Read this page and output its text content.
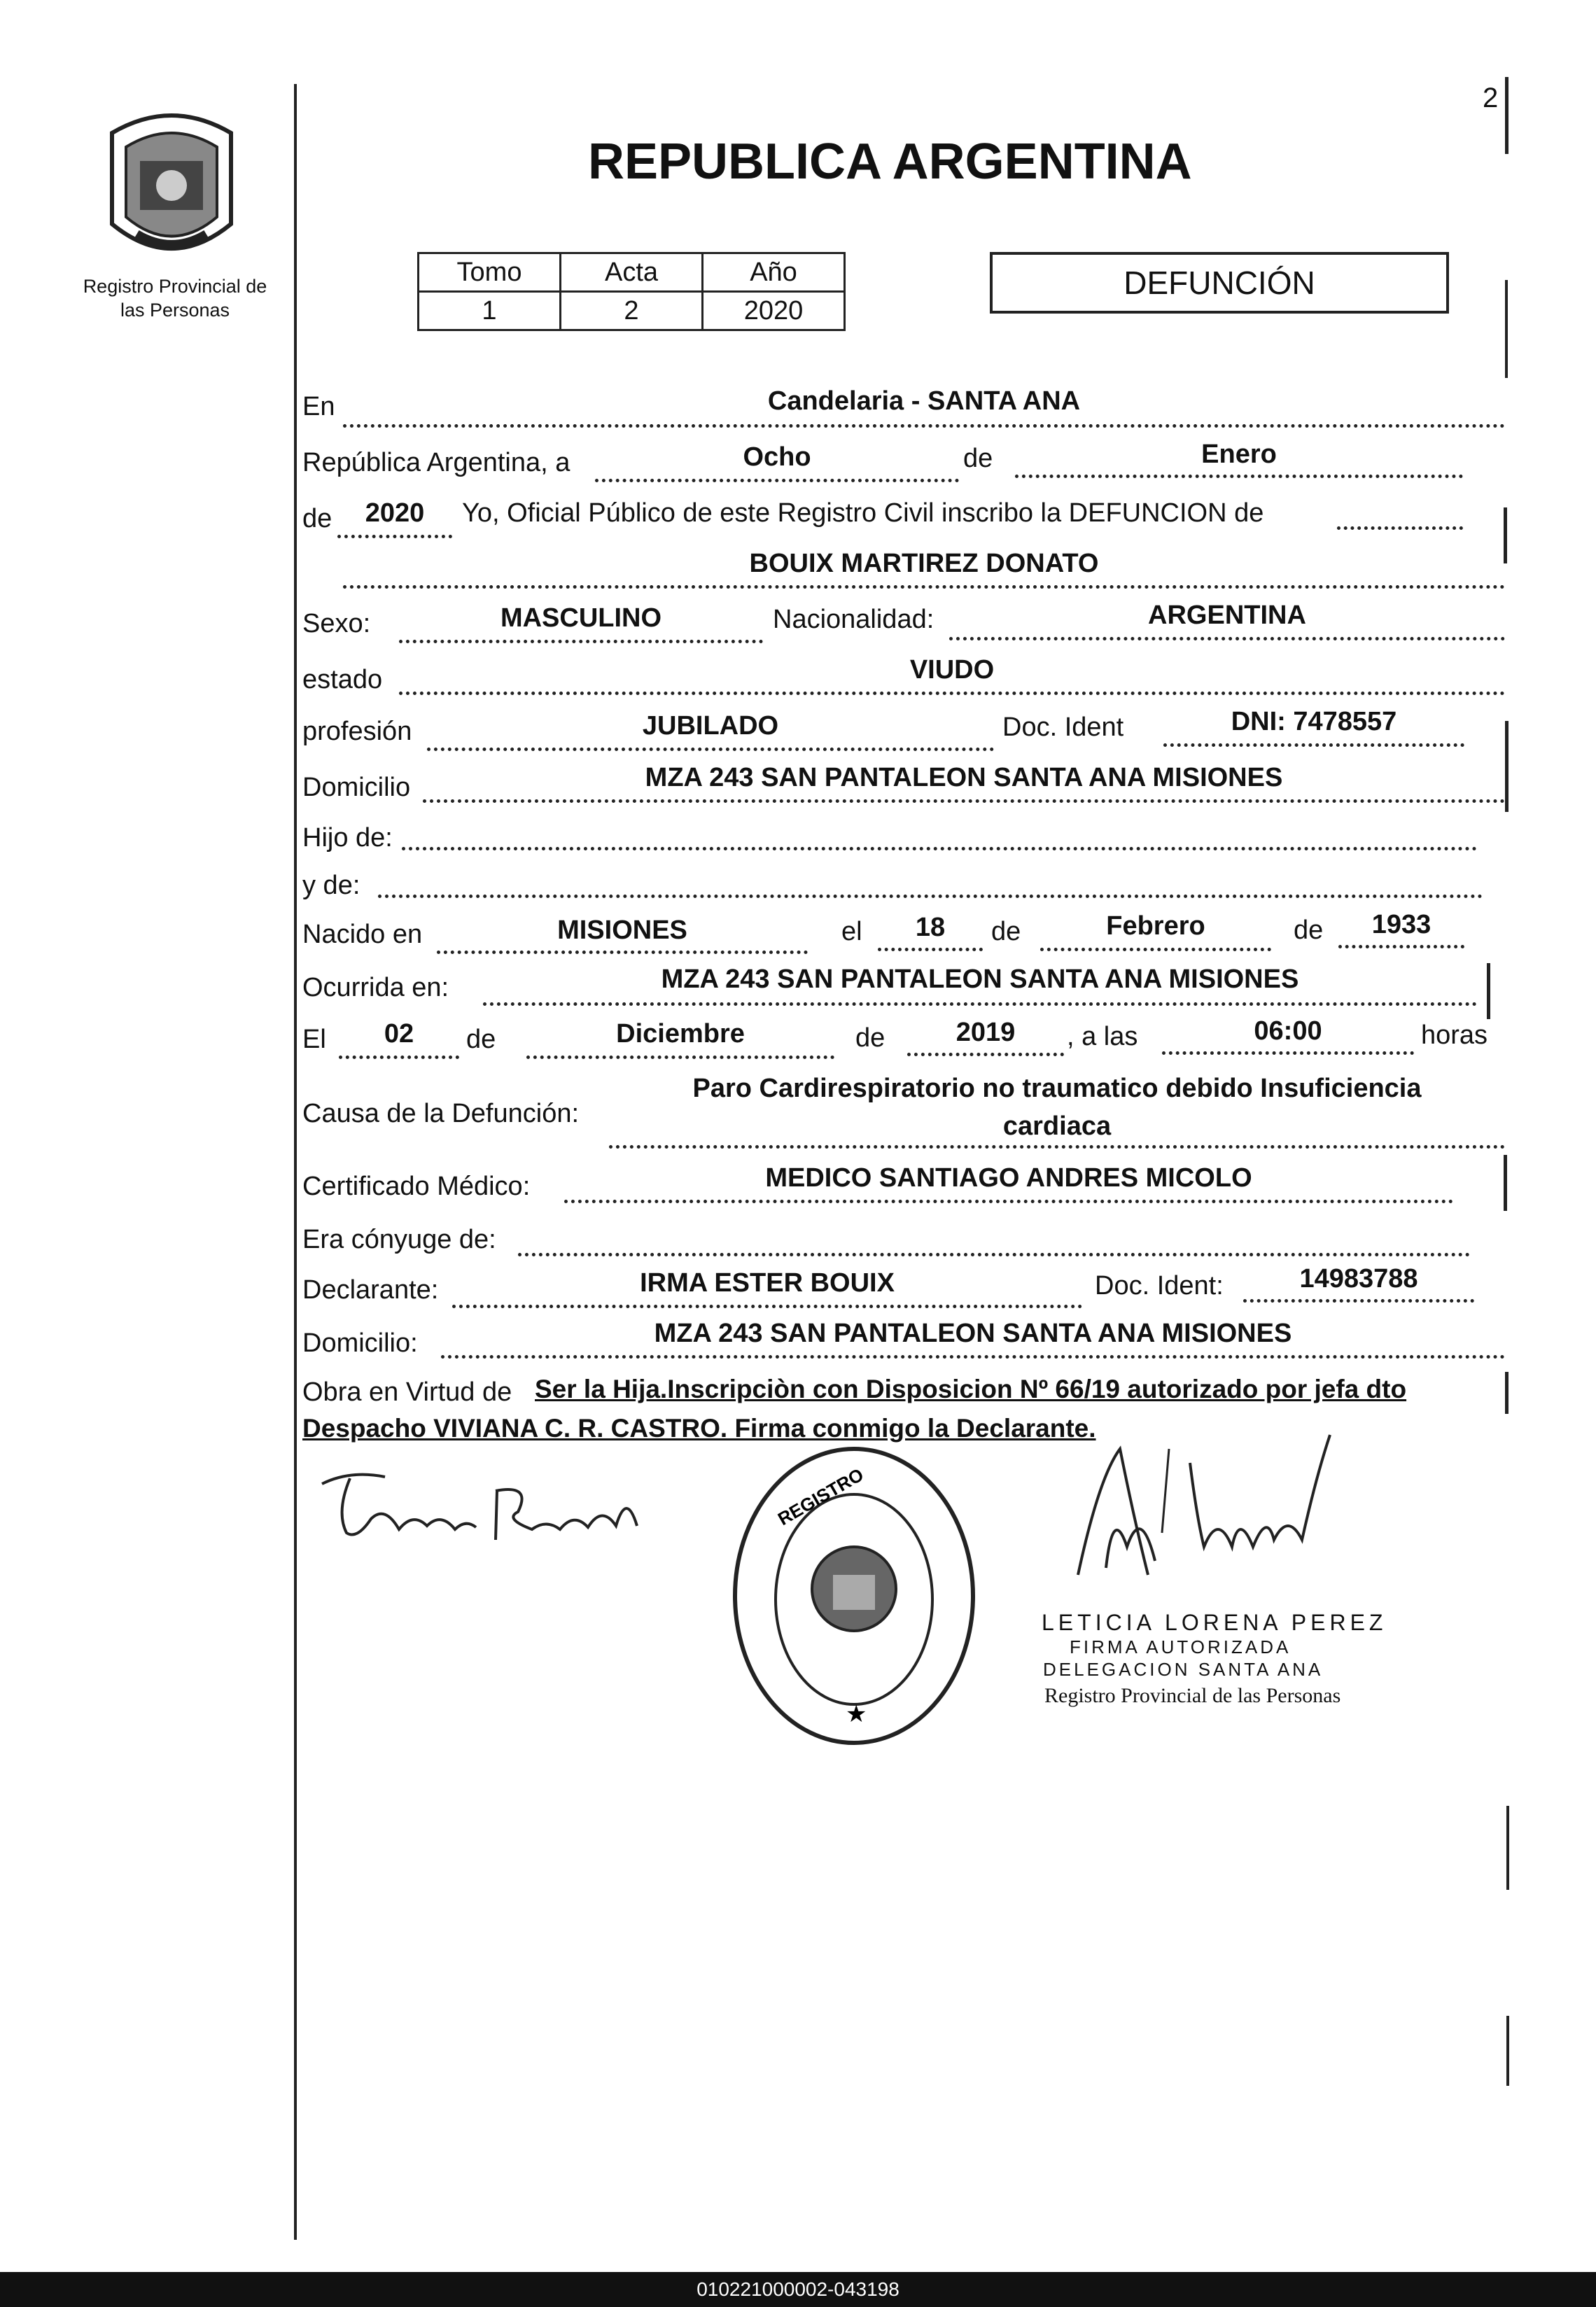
Registro Provincial de las Personas
2
REPUBLICA ARGENTINA
Tomo	Acta	Año
1	2	2020
DEFUNCIÓN
En	Candelaria - SANTA ANA
República Argentina, a	Ocho	de	Enero
de	2020	Yo, Oficial Público de este Registro Civil inscribo la DEFUNCION de
BOUIX MARTIREZ DONATO
Sexo:	MASCULINO	Nacionalidad:	ARGENTINA
estado	VIUDO
profesión	JUBILADO	Doc. Ident	DNI: 7478557
Domicilio	MZA 243 SAN PANTALEON SANTA ANA MISIONES
Hijo de:
y de:
Nacido en	MISIONES	el	18	de	Febrero	de	1933
Ocurrida en:	MZA 243 SAN PANTALEON SANTA ANA MISIONES
El	02	de	Diciembre	de	2019	, a las	06:00	horas
Causa de la Defunción:
Paro Cardirespiratorio no traumatico debido Insuficiencia
cardiaca
Certificado Médico:	MEDICO SANTIAGO ANDRES MICOLO
Era cónyuge de:
Declarante:	IRMA ESTER BOUIX	Doc. Ident:	14983788
Domicilio:	MZA 243 SAN PANTALEON SANTA ANA MISIONES
Obra en Virtud de Ser la Hija.Inscripciòn con Disposicion Nº 66/19 autorizado por jefa dto
Despacho VIVIANA C. R. CASTRO. Firma conmigo la Declarante.
★
REGISTRO
LETICIA LORENA PEREZ
FIRMA AUTORIZADA
DELEGACION SANTA ANA
Registro Provincial de las Personas
010221000002-043198
